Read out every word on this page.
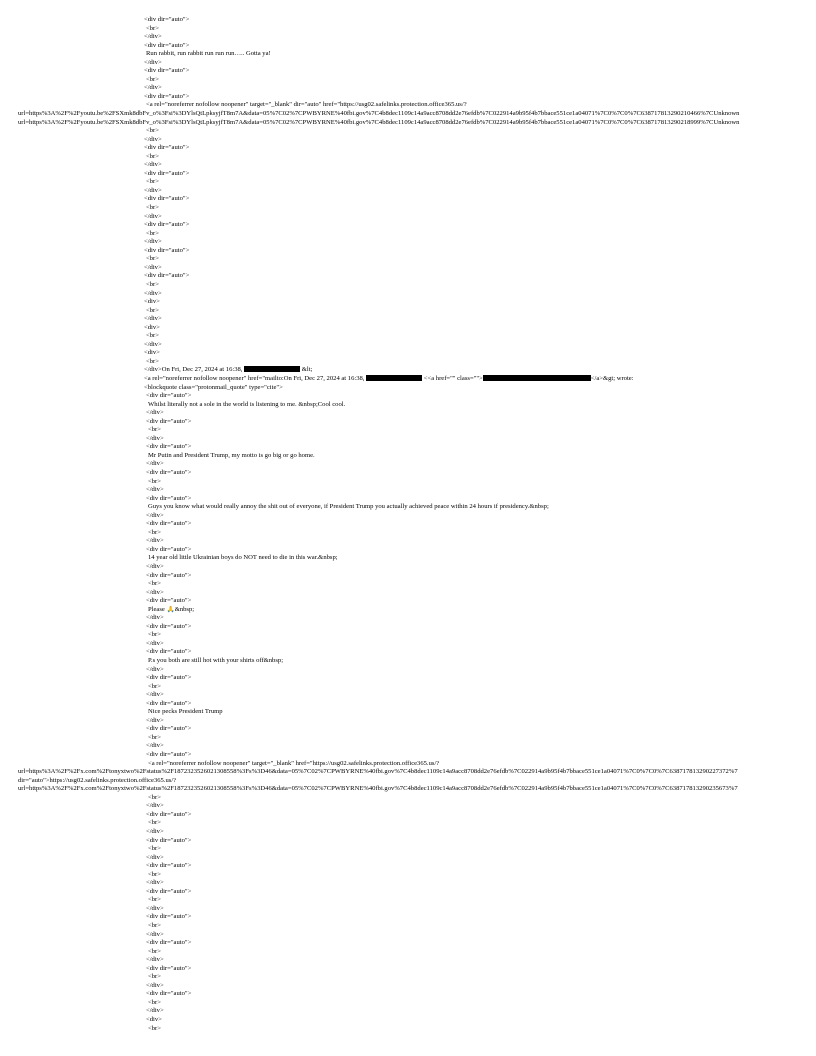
<div dir="auto">
<br>
</div>
<div dir="auto">
Run rabbit, run rabbit run run run….. Gotta ya!
</div>
<div dir="auto">
<br>
</div>
<div dir="auto">
<a rel="noreferrer nofollow noopener" target="_blank" dir="auto" href="https://usg02.safelinks.protection.office365.us/?
url=https%3A%2F%2Fyoutu.be%2FSXmk8dbFv_o%3Fsi%3DYlsQtLpksyjfT8m7A&data=05%7C02%7CPWBYRNE%40fbi.gov%7C4b8dec1109c14a9acc8708dd2e76efdb%7C022914a9b95f4b7bbace551ce1a04071%7C0%7C0%7C638717813290210466%7CUnknown
url=https%3A%2F%2Fyoutu.be%2FSXmk8dbFv_o%3Fsi%3DYlsQtLpksyjfT8m7A&data=05%7C02%7CPWBYRNE%40fbi.gov%7C4b8dec1109c14a9acc8708dd2e76efdb%7C022914a9b95f4b7bbace551ce1a04071%7C0%7C0%7C638717813290218999%7CUnknown
<br>
</div>
<div dir="auto">
<br>
</div>
<div dir="auto">
<br>
</div>
<div dir="auto">
<br>
</div>
<div dir="auto">
<br>
</div>
<div dir="auto">
<br>
</div>
<div dir="auto">
<br>
</div>
<div>
<br>
</div>
<div>
<br>
</div>
<div>
<br>
</div>On Fri, Dec 27, 2024 at 16:38,	&lt;
<a rel="noreferrer nofollow noopener" href="mailto:On Fri, Dec 27, 2024 at 16:38,	<<a href="" class="">	</a>&gt; wrote:
<blockquote class="protonmail_quote" type="cite">
<div dir="auto">
Whilst literally not a sole in the world is listening to me. &nbsp;Cool cool.
</div>
<div dir="auto">
<br>
</div>
<div dir="auto">
Mr Putin and President Trump, my motto is go big or go home.
</div>
<div dir="auto">
<br>
</div>
<div dir="auto">
Guys you know what would really annoy the shit out of everyone, if President Trump you actually achieved peace within 24 hours if presidency.&nbsp;
</div>
<div dir="auto">
<br>
</div>
<div dir="auto">
14 year old little Ukrainian boys do NOT need to die in this war.&nbsp;
</div>
<div dir="auto">
<br>
</div>
<div dir="auto">
Please 🙏&nbsp;
</div>
<div dir="auto">
<br>
</div>
<div dir="auto">
P.s you both are still hot with your shirts off&nbsp;
</div>
<div dir="auto">
<br>
</div>
<div dir="auto">
Nice pecks President Trump
</div>
<div dir="auto">
<br>
</div>
<div dir="auto">
<a rel="noreferrer nofollow noopener" target="_blank" href="https://usg02.safelinks.protection.office365.us/?
url=https%3A%2F%2Fx.com%2Ftonyxtwo%2Fstatus%2F1872323526021308558%3Fs%3D46&data=05%7C02%7CPWBYRNE%40fbi.gov%7C4b8dec1109c14a9acc8708dd2e76efdb%7C022914a9b95f4b7bbace551ce1a04071%7C0%7C0%7C638717813290227372%7
dir="auto">https://usg02.safelinks.protection.office365.us/?
url=https%3A%2F%2Fx.com%2Ftonyxtwo%2Fstatus%2F1872323526021308558%3Fs%3D46&data=05%7C02%7CPWBYRNE%40fbi.gov%7C4b8dec1109c14a9acc8708dd2e76efdb%7C022914a9b95f4b7bbace551ce1a04071%7C0%7C0%7C638717813290235673%7
<br>
</div>
<div dir="auto">
<br>
</div>
<div dir="auto">
<br>
</div>
<div dir="auto">
<br>
</div>
<div dir="auto">
<br>
</div>
<div dir="auto">
<br>
</div>
<div dir="auto">
<br>
</div>
<div dir="auto">
<br>
</div>
<div dir="auto">
<br>
</div>
<div>
<br>
